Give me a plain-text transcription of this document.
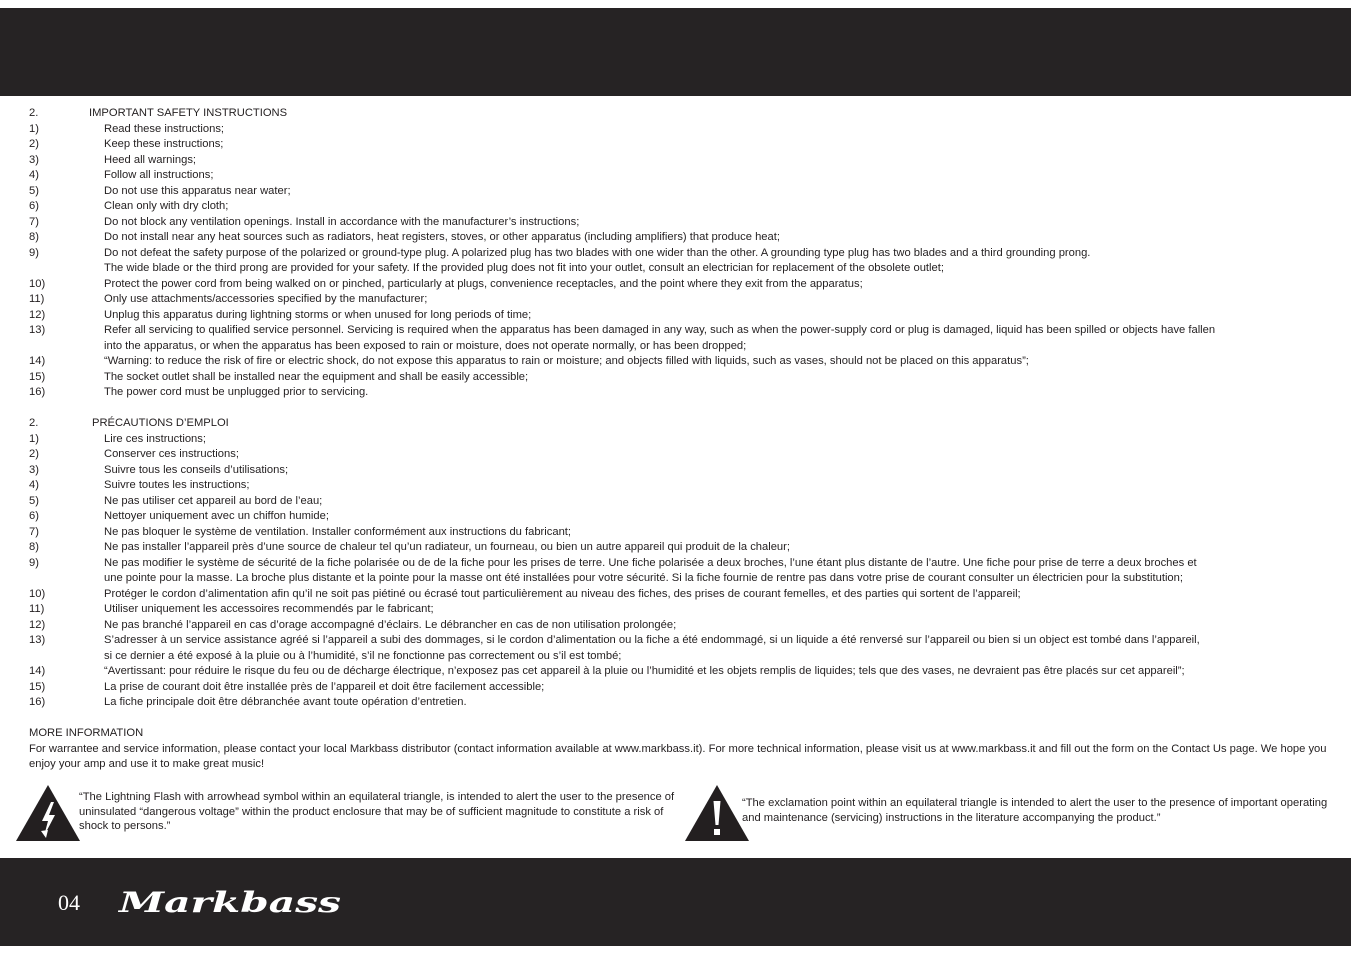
2.	IMPORTANT SAFETY INSTRUCTIONS
1)	Read these instructions;
2)	Keep these instructions;
3)	Heed all warnings;
4)	Follow all instructions;
5)	Do not use this apparatus near water;
6)	Clean only with dry cloth;
7)	Do not block any ventilation openings. Install in accordance with the manufacturer’s instructions;
8)	Do not install near any heat sources such as radiators, heat registers, stoves, or other apparatus (including amplifiers) that produce heat;
9)	Do not defeat the safety purpose of the polarized or ground-type plug. A polarized plug has two blades with one wider than the other. A grounding type plug has two blades and a third grounding prong.
The wide blade or the third prong are provided for your safety. If the provided plug does not fit into your outlet, consult an electrician for replacement of the obsolete outlet;
10)	Protect the power cord from being walked on or pinched, particularly at plugs, convenience receptacles, and the point where they exit from the apparatus;
11)	Only use attachments/accessories specified by the manufacturer;
12)	Unplug this apparatus during lightning storms or when unused for long periods of time;
13)	Refer all servicing to qualified service personnel. Servicing is required when the apparatus has been damaged in any way, such as when the power-supply cord or plug is damaged, liquid has been spilled or objects have fallen
into the apparatus, or when the apparatus has been exposed to rain or moisture, does not operate normally, or has been dropped;
14)	“Warning: to reduce the risk of fire or electric shock, do not expose this apparatus to rain or moisture; and objects filled with liquids, such as vases, should not be placed on this apparatus”;
15)	The socket outlet shall be installed near the equipment and shall be easily accessible;
16)	The power cord must be unplugged prior to servicing.
2.	PRÉCAUTIONS D’EMPLOI
1)	Lire ces instructions;
2)	Conserver ces instructions;
3)	Suivre tous les conseils d’utilisations;
4)	Suivre toutes les instructions;
5)	Ne pas utiliser cet appareil au bord de l’eau;
6)	Nettoyer uniquement avec un chiffon humide;
7)	Ne pas bloquer le système de ventilation. Installer conformément aux instructions du fabricant;
8)	Ne pas installer l’appareil près d’une source de chaleur tel qu’un radiateur, un fourneau, ou bien un autre appareil qui produit de la chaleur;
9)	Ne pas modifier le système de sécurité de la fiche polarisée ou de de la fiche pour les prises de terre. Une fiche polarisée a deux broches, l’une étant plus distante de l’autre. Une fiche pour prise de terre a deux broches et
une pointe pour la masse. La broche plus distante et la pointe pour la masse ont été installées pour votre sécurité. Si la fiche fournie de rentre pas dans votre prise de courant consulter un électricien pour la substitution;
10)	Protéger le cordon d’alimentation afin qu’il ne soit pas piétiné ou écrasé tout particulièrement au niveau des fiches, des prises de courant femelles, et des parties qui sortent de l’appareil;
11)	Utiliser uniquement les accessoires recommendés par le fabricant;
12)	Ne pas branché l’appareil en cas d’orage accompagné d’éclairs. Le débrancher en cas de non utilisation prolongée;
13)	S’adresser à un service assistance agréé si l’appareil a subi des dommages, si le cordon d’alimentation ou la fiche a été endommagé, si un liquide a été renversé sur l’appareil ou bien si un object est tombé dans l’appareil,
si ce dernier a été exposé à la pluie ou à l’humidité, s’il ne fonctionne pas correctement ou s’il est tombé;
14)	“Avertissant: pour réduire le risque du feu ou de décharge électrique, n’exposez pas cet appareil à la pluie ou l’humidité et les objets remplis de liquides; tels que des vases, ne devraient pas être placés sur cet appareil”;
15)	La prise de courant doit être installée près de l’appareil et doit être facilement accessible;
16)	La fiche principale doit être débranchée avant toute opération d’entretien.
MORE INFORMATION
For warrantee and service information, please contact your local Markbass distributor (contact information available at www.markbass.it). For more technical information, please visit us at www.markbass.it and fill out the form on the Contact Us page. We hope you enjoy your amp and use it to make great music!
“The Lightning Flash with arrowhead symbol within an equilateral triangle, is intended to alert the user to the presence of uninsulated “dangerous voltage” within the product enclosure that may be of sufficient magnitude to constitute a risk of shock to persons.”
“The exclamation point within an equilateral triangle is intended to alert the user to the presence of important operating and maintenance (servicing) instructions in the literature accompanying the product.”
04 Markbass
